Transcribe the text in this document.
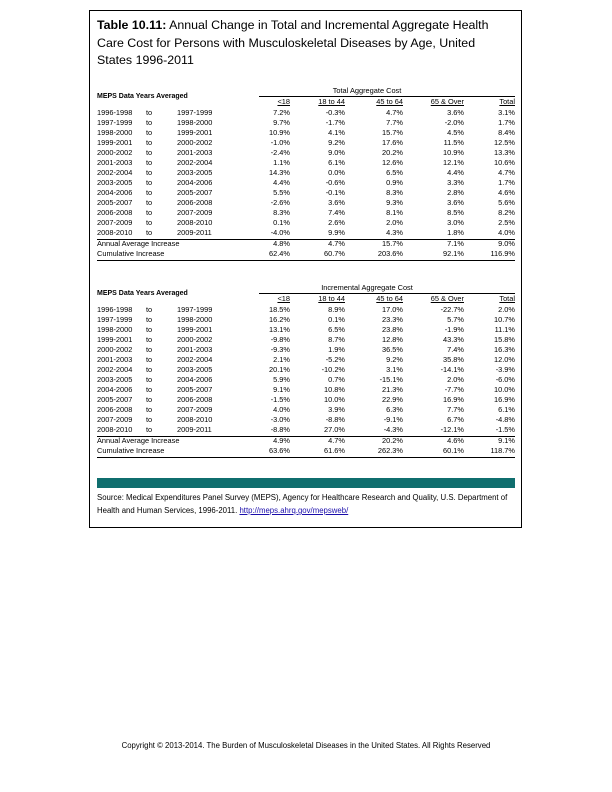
Table 10.11: Annual Change in Total and Incremental Aggregate Health Care Cost for Persons with Musculoskeletal Diseases by Age, United States 1996-2011
Total Aggregate Cost
MEPS Data Years Averaged
<18	18 to 44	45 to 64	65 & Over	Total
1996-1998 to	1997-1999	7.2%	-0.3%	4.7%	3.6%	3.1%
1997-1999 to	1998-2000	9.7%	-1.7%	7.7%	-2.0%	1.7%
1998-2000 to	1999-2001	10.9%	4.1%	15.7%	4.5%	8.4%
1999-2001 to	2000-2002	-1.0%	9.2%	17.6%	11.5%	12.5%
2000-2002 to	2001-2003	-2.4%	9.0%	20.2%	10.9%	13.3%
2001-2003 to	2002-2004	1.1%	6.1%	12.6%	12.1%	10.6%
2002-2004 to	2003-2005	14.3%	0.0%	6.5%	4.4%	4.7%
2003-2005 to	2004-2006	4.4%	-0.6%	0.9%	3.3%	1.7%
2004-2006 to	2005-2007	5.5%	-0.1%	8.3%	2.8%	4.6%
2005-2007 to	2006-2008	-2.6%	3.6%	9.3%	3.6%	5.6%
2006-2008 to	2007-2009	8.3%	7.4%	8.1%	8.5%	8.2%
2007-2009 to	2008-2010	0.1%	2.6%	2.0%	3.0%	2.5%
2008-2010 to	2009-2011	-4.0%	9.9%	4.3%	1.8%	4.0%
Annual Average Increase	4.8%	4.7%	15.7%	7.1%	9.0%
Cumulative Increase	62.4%	60.7%	203.6%	92.1%	116.9%
Incremental Aggregate Cost
MEPS Data Years Averaged
<18	18 to 44	45 to 64	65 & Over	Total
1996-1998 to	1997-1999	18.5%	8.9%	17.0%	-22.7%	2.0%
1997-1999 to	1998-2000	16.2%	0.1%	23.3%	5.7%	10.7%
1998-2000 to	1999-2001	13.1%	6.5%	23.8%	-1.9%	11.1%
1999-2001 to	2000-2002	-9.8%	8.7%	12.8%	43.3%	15.8%
2000-2002 to	2001-2003	-9.3%	1.9%	36.5%	7.4%	16.3%
2001-2003 to	2002-2004	2.1%	-5.2%	9.2%	35.8%	12.0%
2002-2004 to	2003-2005	20.1%	-10.2%	3.1%	-14.1%	-3.9%
2003-2005 to	2004-2006	5.9%	0.7%	-15.1%	2.0%	-6.0%
2004-2006 to	2005-2007	9.1%	10.8%	21.3%	-7.7%	10.0%
2005-2007 to	2006-2008	-1.5%	10.0%	22.9%	16.9%	16.9%
2006-2008 to	2007-2009	4.0%	3.9%	6.3%	7.7%	6.1%
2007-2009 to	2008-2010	-3.0%	-8.8%	-9.1%	6.7%	-4.8%
2008-2010 to	2009-2011	-8.8%	27.0%	-4.3%	-12.1%	-1.5%
Annual Average Increase	4.9%	4.7%	20.2%	4.6%	9.1%
Cumulative Increase	63.6%	61.6%	262.3%	60.1%	118.7%
Source: Medical Expenditures Panel Survey (MEPS), Agency for Healthcare Research and Quality, U.S. Department of Health and Human Services, 1996-2011. http://meps.ahrq.gov/mepsweb/
Copyright © 2013-2014. The Burden of Musculoskeletal Diseases in the United States. All Rights Reserved
